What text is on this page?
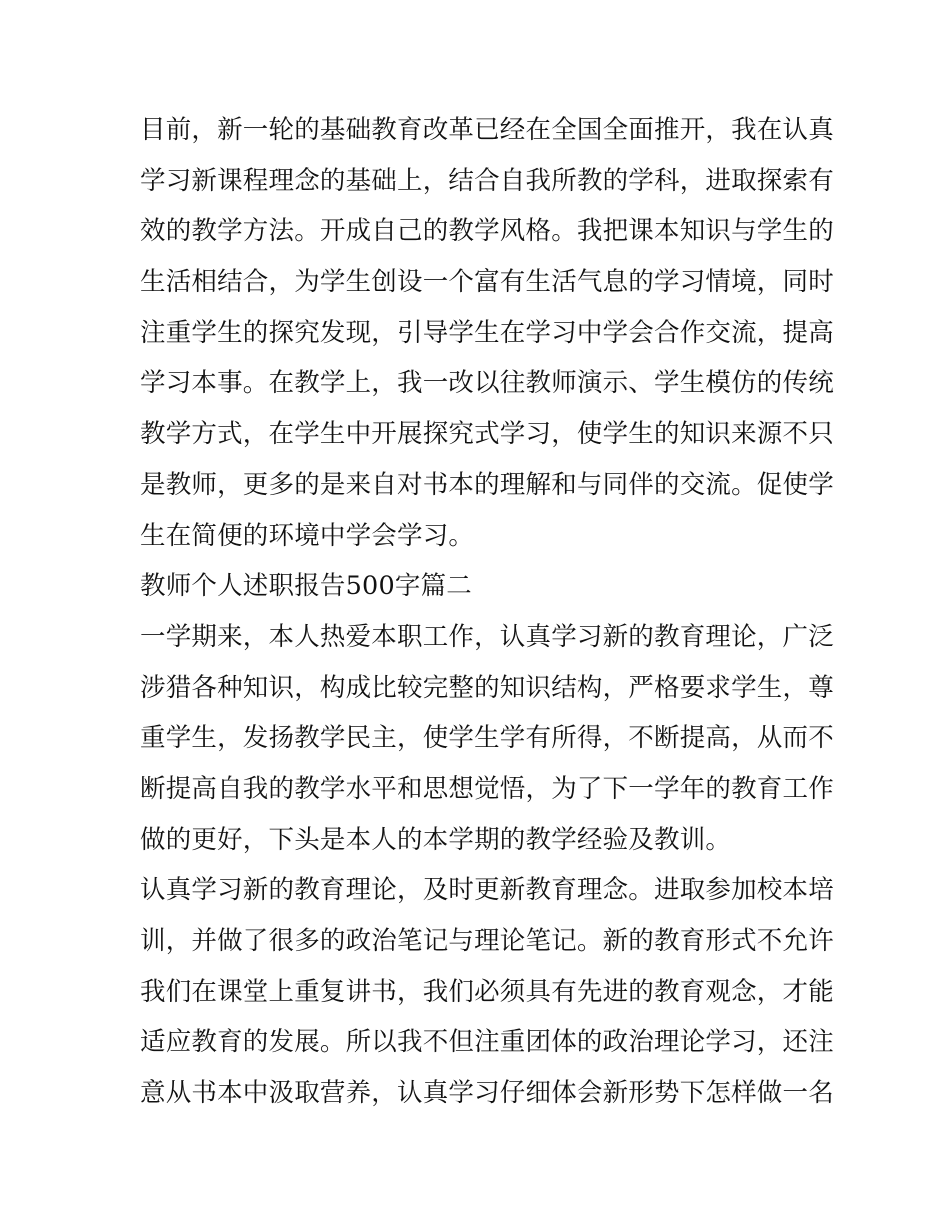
目前，新一轮的基础教育改革已经在全国全面推开，我在认真
学习新课程理念的基础上，结合自我所教的学科，进取探索有
效的教学方法。开成自己的教学风格。我把课本知识与学生的
生活相结合，为学生创设一个富有生活气息的学习情境，同时
注重学生的探究发现，引导学生在学习中学会合作交流，提高
学习本事。在教学上，我一改以往教师演示、学生模仿的传统
教学方式，在学生中开展探究式学习，使学生的知识来源不只
是教师，更多的是来自对书本的理解和与同伴的交流。促使学
生在简便的环境中学会学习。
教师个人述职报告500字篇二
一学期来，本人热爱本职工作，认真学习新的教育理论，广泛
涉猎各种知识，构成比较完整的知识结构，严格要求学生，尊
重学生，发扬教学民主，使学生学有所得，不断提高，从而不
断提高自我的教学水平和思想觉悟，为了下一学年的教育工作
做的更好，下头是本人的本学期的教学经验及教训。
认真学习新的教育理论，及时更新教育理念。进取参加校本培
训，并做了很多的政治笔记与理论笔记。新的教育形式不允许
我们在课堂上重复讲书，我们必须具有先进的教育观念，才能
适应教育的发展。所以我不但注重团体的政治理论学习，还注
意从书本中汲取营养，认真学习仔细体会新形势下怎样做一名
